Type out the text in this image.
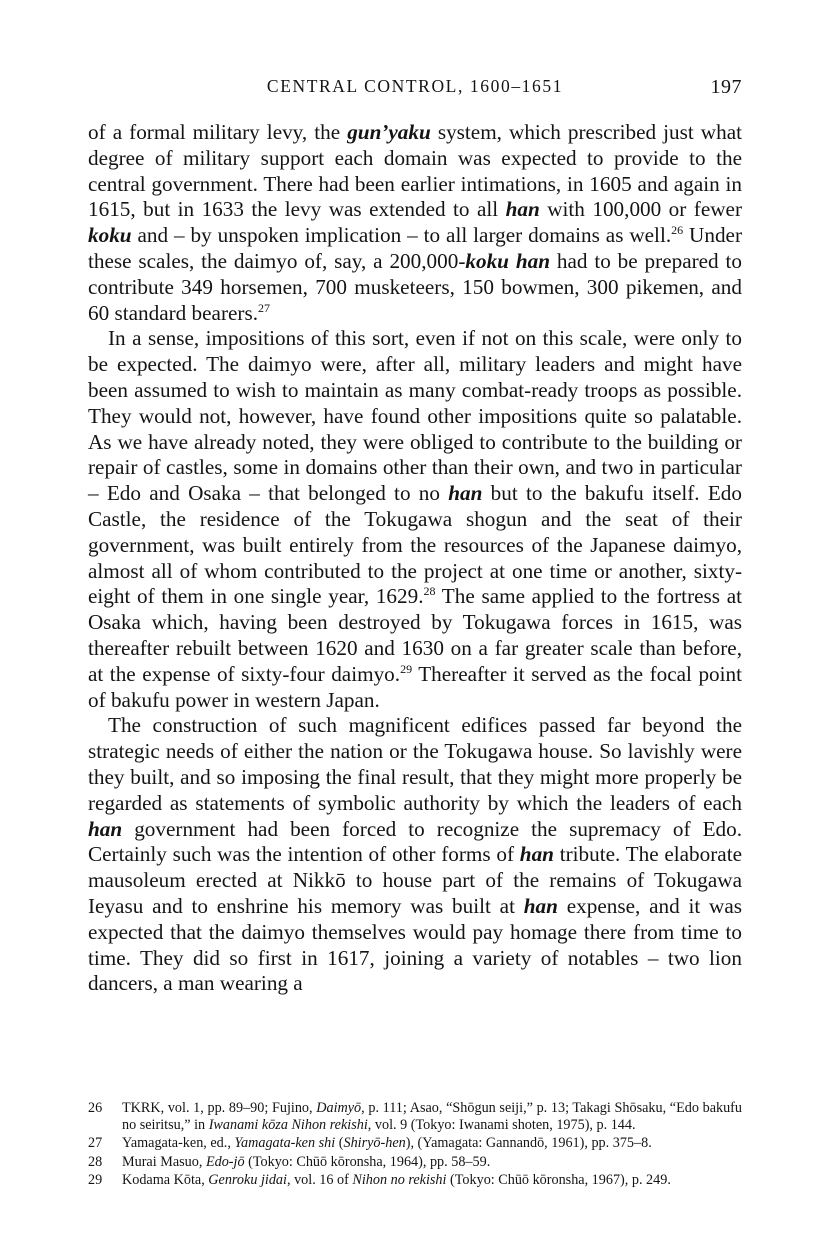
CENTRAL CONTROL, 1600–1651	197

of a formal military levy, the gun’yaku system, which prescribed just what degree of military support each domain was expected to provide to the central government. There had been earlier intimations, in 1605 and again in 1615, but in 1633 the levy was extended to all han with 100,000 or fewer koku and – by unspoken implication – to all larger domains as well.$^{26}$ Under these scales, the daimyo of, say, a 200,000-koku han had to be prepared to contribute 349 horsemen, 700 musketeers, 150 bowmen, 300 pikemen, and 60 standard bearers.$^{27}$

In a sense, impositions of this sort, even if not on this scale, were only to be expected. The daimyo were, after all, military leaders and might have been assumed to wish to maintain as many combat-ready troops as possible. They would not, however, have found other impositions quite so palatable. As we have already noted, they were obliged to contribute to the building or repair of castles, some in domains other than their own, and two in particular – Edo and Osaka – that belonged to no han but to the bakufu itself. Edo Castle, the residence of the Tokugawa shogun and the seat of their government, was built entirely from the resources of the Japanese daimyo, almost all of whom contributed to the project at one time or another, sixty-eight of them in one single year, 1629.28 The same applied to the fortress at Osaka which, having been destroyed by Tokugawa forces in 1615, was thereafter rebuilt between 1620 and 1630 on a far greater scale than before, at the expense of sixty-four daimyo.$^{29}$ Thereafter it served as the focal point of bakufu power in western Japan.

The construction of such magnificent edifices passed far beyond the strategic needs of either the nation or the Tokugawa house. So lavishly were they built, and so imposing the final result, that they might more properly be regarded as statements of symbolic authority by which the leaders of each han government had been forced to recognize the supremacy of Edo. Certainly such was the intention of other forms of han tribute. The elaborate mausoleum erected at Nikkō to house part of the remains of Tokugawa Ieyasu and to enshrine his memory was built at han expense, and it was expected that the daimyo themselves would pay homage there from time to time. They did so first in 1617, joining a variety of notables – two lion dancers, a man wearing a

26 TKRK, vol. 1, pp. 89–90; Fujino, Daimyō, p. 111; Asao, “Shōgun seiji,” p. 13; Takagi Shōsaku, “Edo bakufu no seiritsu,” in Iwanami kōza Nihon rekishi, vol. 9 (Tokyo: Iwanami shoten, 1975), p. 144.
27 Yamagata-ken, ed., Yamagata-ken shi (Shiryō-hen), (Yamagata: Gannandō, 1961), pp. 375–8.
28 Murai Masuo, Edo-jō (Tokyo: Chūō kōronsha, 1964), pp. 58–59.
29 Kodama Kōta, Genroku jidai, vol. 16 of Nihon no rekishi (Tokyo: Chūō kōronsha, 1967), p. 249.
